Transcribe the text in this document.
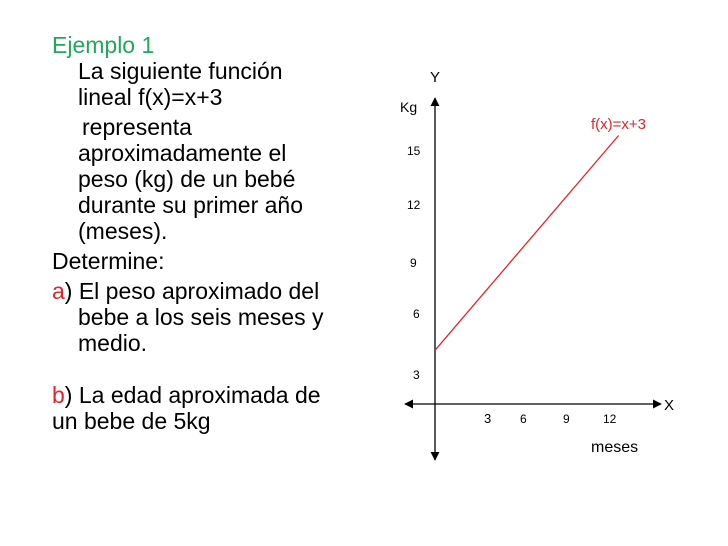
Ejemplo 1
La siguiente función
lineal f(x)=x+3
representa
aproximadamente el
peso (kg) de un bebé
durante su primer año
(meses).
Determine:
a) El peso aproximado del
bebe a los seis meses y
medio.
b) La edad aproximada de
un bebe de 5kg
Y
Kg
X
meses
15
12
9
6
3
3 6	9	12
f(x)=x+3
